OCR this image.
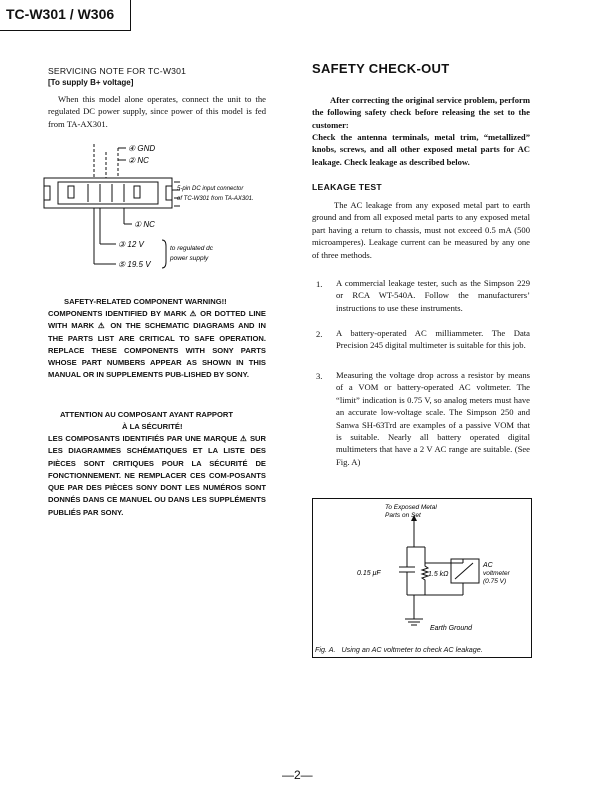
TC-W301 / W306
SERVICING NOTE FOR TC-W301
[To supply B+ voltage]
When this model alone operates, connect the unit to the regulated DC power supply, since power of this model is fed from TA-AX301.
④ GND
② NC
5-pin DC input connector
of TC-W301 from TA-AX301.
① NC
③ 12 V
⑤ 19.5 V
to regulated dc
power supply
SAFETY-RELATED COMPONENT WARNING!!
COMPONENTS IDENTIFIED BY MARK ⚠ OR DOTTED LINE WITH MARK ⚠ ON THE SCHEMATIC DIAGRAMS AND IN THE PARTS LIST ARE CRITICAL TO SAFE OPERATION. REPLACE THESE COMPONENTS WITH SONY PARTS WHOSE PART NUMBERS APPEAR AS SHOWN IN THIS MANUAL OR IN SUPPLEMENTS PUB-LISHED BY SONY.
ATTENTION AU COMPOSANT AYANT RAPPORT
À LA SÉCURITÉ!
LES COMPOSANTS IDENTIFIÉS PAR UNE MARQUE ⚠ SUR LES DIAGRAMMES SCHÉMATIQUES ET LA LISTE DES PIÈCES SONT CRITIQUES POUR LA SÉCURITÉ DE FONCTIONNEMENT. NE REMPLACER CES COM-POSANTS QUE PAR DES PIÈCES SONY DONT LES NUMÉROS SONT DONNÉS DANS CE MANUEL OU DANS LES SUPPLÉMENTS PUBLIÉS PAR SONY.
SAFETY CHECK-OUT
After correcting the original service problem, perform the following safety check before releasing the set to the customer:
Check the antenna terminals, metal trim, “metallized” knobs, screws, and all other exposed metal parts for AC leakage. Check leakage as described below.
LEAKAGE TEST
The AC leakage from any exposed metal part to earth ground and from all exposed metal parts to any exposed metal part having a return to chassis, must not exceed 0.5 mA (500 microamperes). Leakage current can be measured by any one of three methods.
1. A commercial leakage tester, such as the Simpson 229 or RCA WT-540A. Follow the manufacturers’ instructions to use these instruments.
2. A battery-operated AC milliammeter. The Data Precision 245 digital multimeter is suitable for this job.
3. Measuring the voltage drop across a resistor by means of a VOM or battery-operated AC voltmeter. The “limit” indication is 0.75 V, so analog meters must have an accurate low-voltage scale. The Simpson 250 and Sanwa SH-63Trd are examples of a passive VOM that is suitable. Nearly all battery operated digital multimeters that have a 2 V AC range are suitable. (See Fig. A)
To Exposed Metal
Parts on Set
0.15 μF	1.5 kΩ
AC
voltmeter
(0.75 V)
Earth Ground
Fig. A.   Using an AC voltmeter to check AC leakage.
—2—
